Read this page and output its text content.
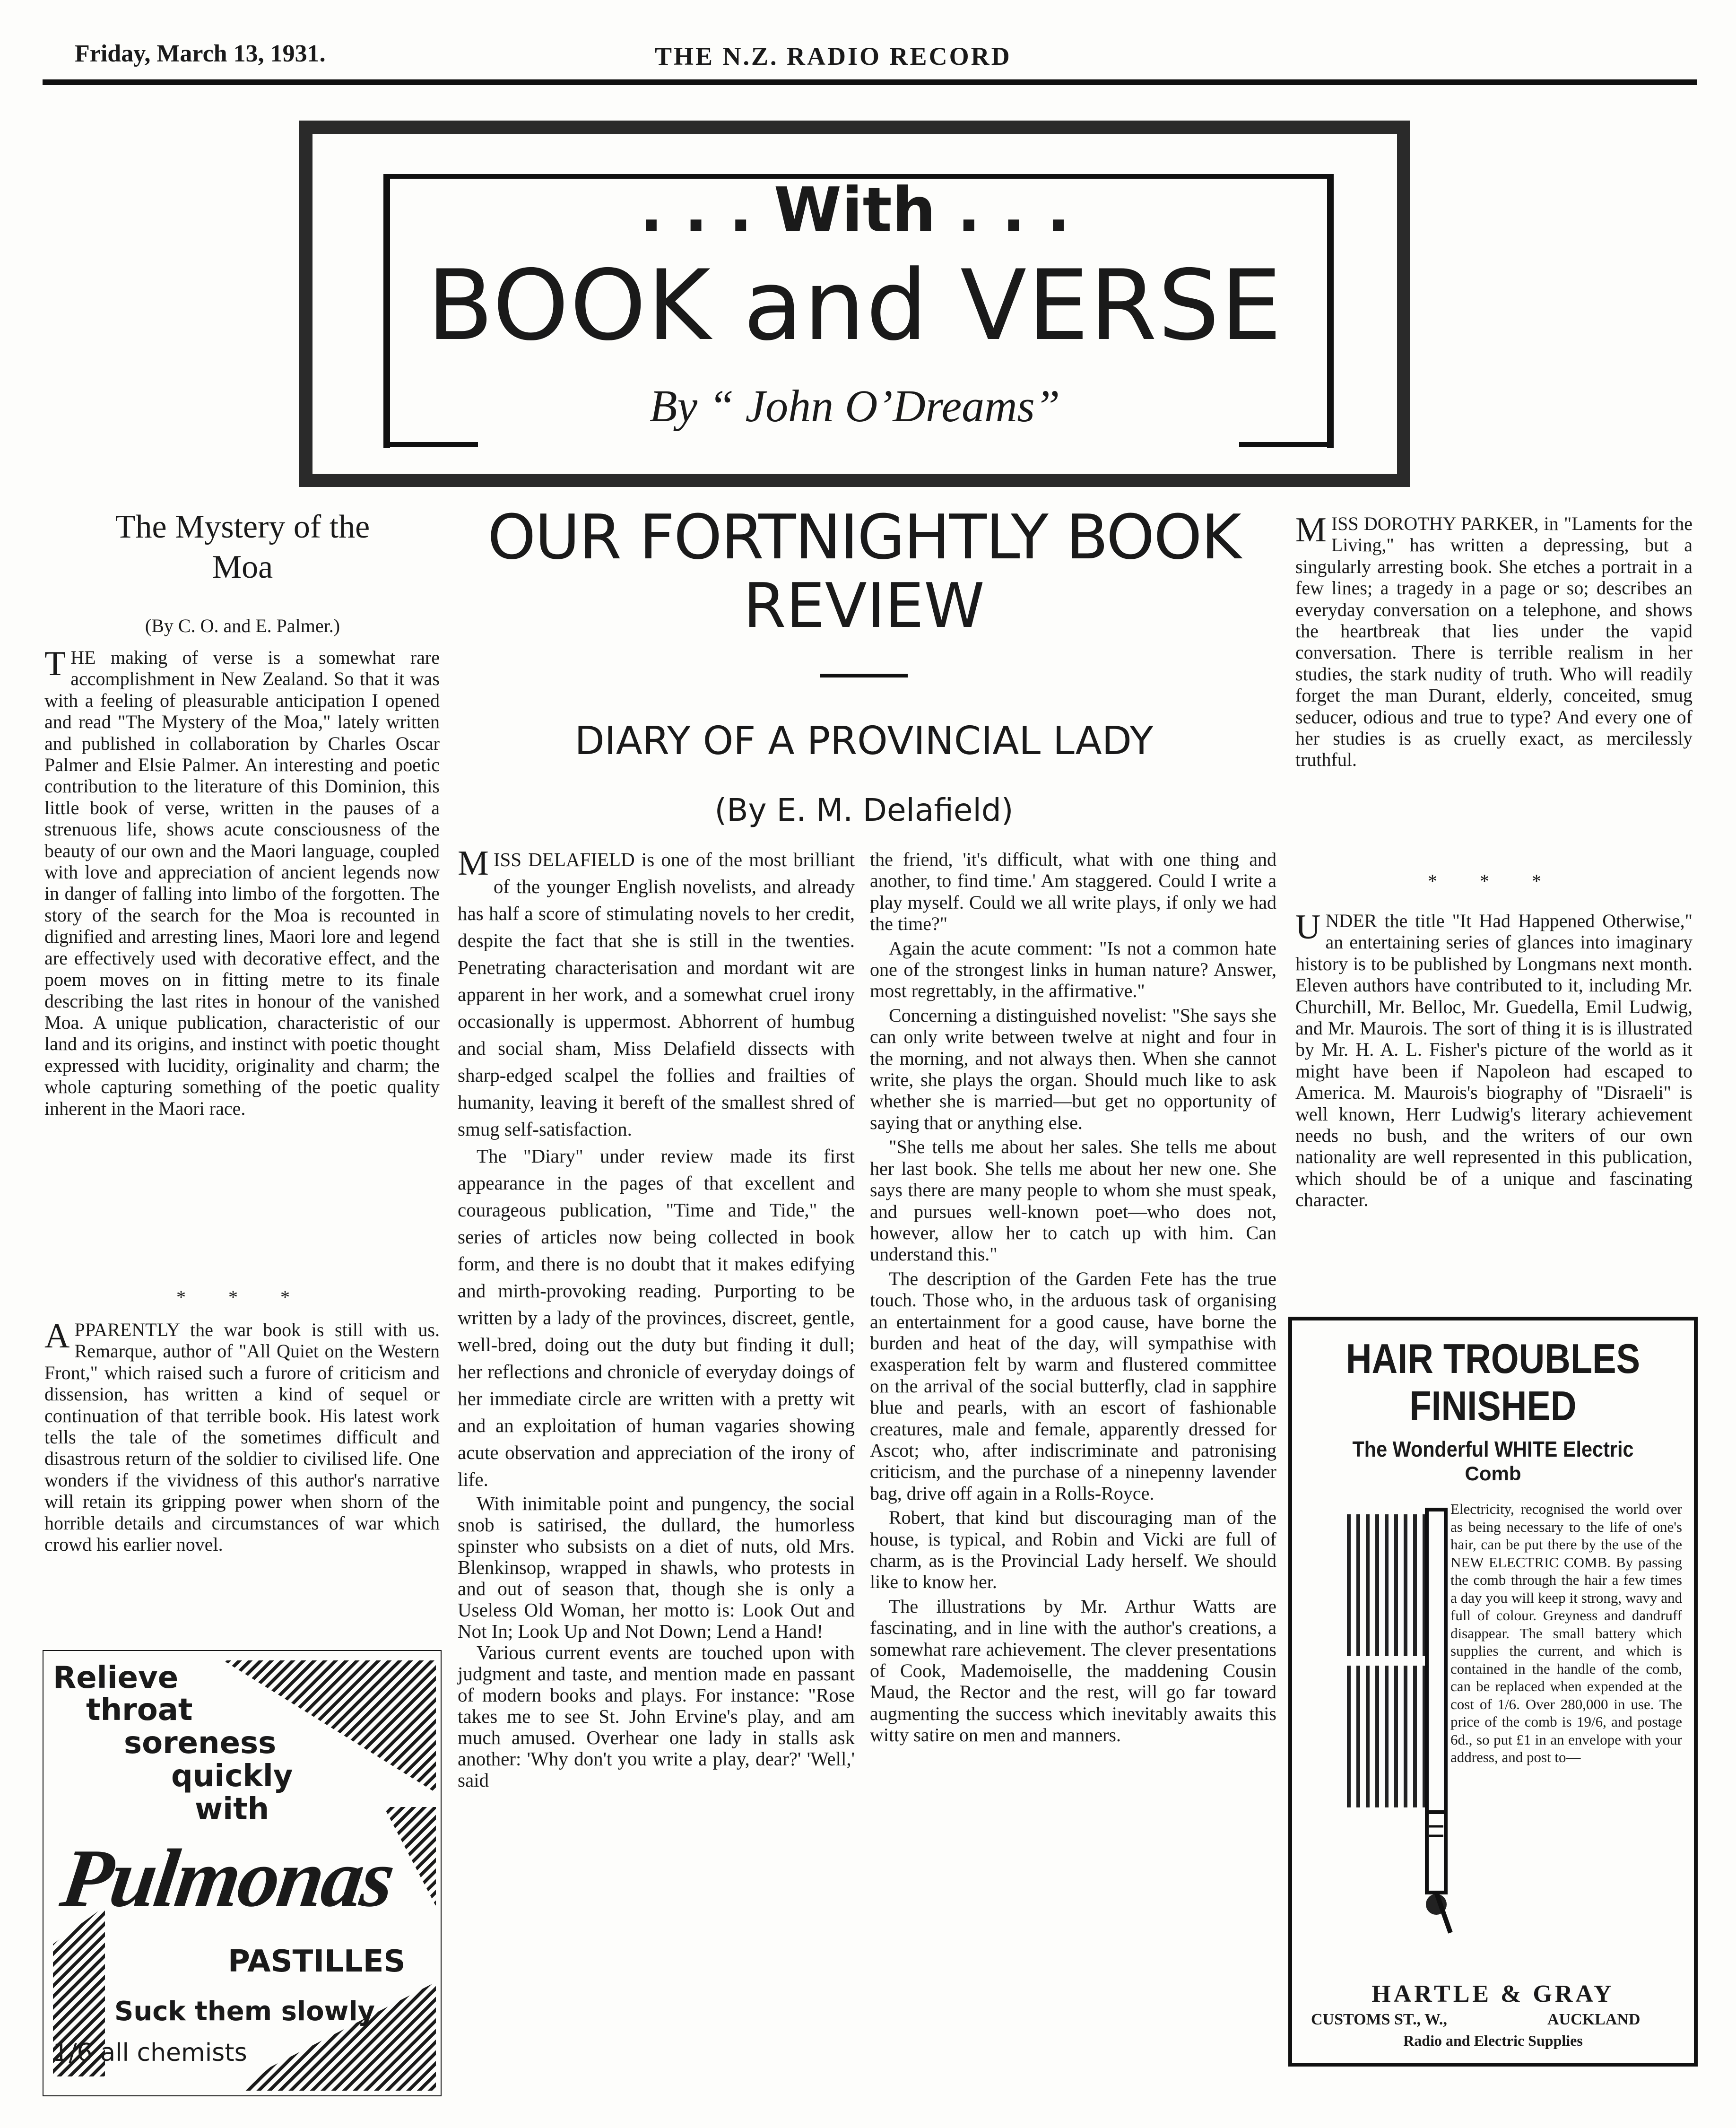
Friday, March 13, 1931.	THE N.Z. RADIO RECORD
. . . With . . .
BOOK and VERSE
By “ John O’Dreams”
The Mystery of the
Moa
(By C. O. and E. Palmer.)

THE making of verse is a somewhat rare accomplishment in New Zealand. So that it was with a feeling of pleasurable anticipation I opened and read "The Mystery of the Moa," lately written and published in collaboration by Charles Oscar Palmer and Elsie Palmer. An interesting and poetic contribution to the literature of this Dominion, this little book of verse, written in the pauses of a strenuous life, shows acute consciousness of the beauty of our own and the Maori language, coupled with love and appreciation of ancient legends now in danger of falling into limbo of the forgotten. The story of the search for the Moa is recounted in dignified and arresting lines, Maori lore and legend are effectively used with decorative effect, and the poem moves on in fitting metre to its finale describing the last rites in honour of the vanished Moa. A unique publication, characteristic of our land and its origins, and instinct with poetic thought expressed with lucidity, originality and charm; the whole capturing something of the poetic quality inherent in the Maori race.

* * *

APPARENTLY the war book is still with us. Remarque, author of "All Quiet on the Western Front," which raised such a furore of criticism and dissension, has written a kind of sequel or continuation of that terrible book. His latest work tells the tale of the sometimes difficult and disastrous return of the soldier to civilised life. One wonders if the vividness of this author's narrative will retain its gripping power when shorn of the horrible details and circumstances of war which crowd his earlier novel.

Relieve
throat
soreness
quickly
with
Pulmonas
PASTILLES
Suck them slowly
1/6 all chemists
OUR FORTNIGHTLY BOOK
REVIEW
DIARY OF A PROVINCIAL LADY
(By E. M. Delafield)

MISS DELAFIELD is one of the most brilliant of the younger English novelists, and already has half a score of stimulating novels to her credit, despite the fact that she is still in the twenties. Penetrating characterisation and mordant wit are apparent in her work, and a somewhat cruel irony occasionally is uppermost. Abhorrent of humbug and social sham, Miss Delafield dissects with sharp-edged scalpel the follies and frailties of humanity, leaving it bereft of the smallest shred of smug self-satisfaction.

The "Diary" under review made its first appearance in the pages of that excellent and courageous publication, "Time and Tide," the series of articles now being collected in book form, and there is no doubt that it makes edifying and mirth-provoking reading. Purporting to be written by a lady of the provinces, discreet, gentle, well-bred, doing out the duty but finding it dull; her reflections and chronicle of everyday doings of her immediate circle are written with a pretty wit and an exploitation of human vagaries showing acute observation and appreciation of the irony of life.

With inimitable point and pungency, the social snob is satirised, the dullard, the humorless spinster who subsists on a diet of nuts, old Mrs. Blenkinsop, wrapped in shawls, who protests in and out of season that, though she is only a Useless Old Woman, her motto is: Look Out and Not In; Look Up and Not Down; Lend a Hand!

Various current events are touched upon with judgment and taste, and mention made en passant of modern books and plays. For instance: "Rose takes me to see St. John Ervine's play, and am much amused. Overhear one lady in stalls ask another: 'Why don't you write a play, dear?' 'Well,' said

the friend, 'it's difficult, what with one thing and another, to find time.' Am staggered. Could I write a play myself. Could we all write plays, if only we had the time?"

Again the acute comment: "Is not a common hate one of the strongest links in human nature? Answer, most regrettably, in the affirmative."

Concerning a distinguished novelist: "She says she can only write between twelve at night and four in the morning, and not always then. When she cannot write, she plays the organ. Should much like to ask whether she is married—but get no opportunity of saying that or anything else.

"She tells me about her sales. She tells me about her last book. She tells me about her new one. She says there are many people to whom she must speak, and pursues well-known poet—who does not, however, allow her to catch up with him. Can understand this."

The description of the Garden Fete has the true touch. Those who, in the arduous task of organising an entertainment for a good cause, have borne the burden and heat of the day, will sympathise with exasperation felt by warm and flustered committee on the arrival of the social butterfly, clad in sapphire blue and pearls, with an escort of fashionable creatures, male and female, apparently dressed for Ascot; who, after indiscriminate and patronising criticism, and the purchase of a ninepenny lavender bag, drive off again in a Rolls-Royce.

Robert, that kind but discouraging man of the house, is typical, and Robin and Vicki are full of charm, as is the Provincial Lady herself. We should like to know her.

The illustrations by Mr. Arthur Watts are fascinating, and in line with the author's creations, a somewhat rare achievement. The clever presentations of Cook, Mademoiselle, the maddening Cousin Maud, the Rector and the rest, will go far toward augmenting the success which inevitably awaits this witty satire on men and manners.

MISS DOROTHY PARKER, in "Laments for the Living," has written a depressing, but a singularly arresting book. She etches a portrait in a few lines; a tragedy in a page or so; describes an everyday conversation on a telephone, and shows the heartbreak that lies under the vapid conversation. There is terrible realism in her studies, the stark nudity of truth. Who will readily forget the man Durant, elderly, conceited, smug seducer, odious and true to type? And every one of her studies is as cruelly exact, as mercilessly truthful.

* * *

UNDER the title "It Had Happened Otherwise," an entertaining series of glances into imaginary history is to be published by Longmans next month. Eleven authors have contributed to it, including Mr. Churchill, Mr. Belloc, Mr. Guedella, Emil Ludwig, and Mr. Maurois. The sort of thing it is is illustrated by Mr. H. A. L. Fisher's picture of the world as it might have been if Napoleon had escaped to America. M. Maurois's biography of "Disraeli" is well known, Herr Ludwig's literary achievement needs no bush, and the writers of our own nationality are well represented in this publication, which should be of a unique and fascinating character.

HAIR TROUBLES
FINISHED
The Wonderful WHITE Electric
Comb
Electricity, recognised the world over as being necessary to the life of one's hair, can be put there by the use of the NEW ELECTRIC COMB. By passing the comb through the hair a few times a day you will keep it strong, wavy and full of colour. Greyness and dandruff disappear. The small battery which supplies the current, and which is contained in the handle of the comb, can be replaced when expended at the cost of 1/6. Over 280,000 in use. The price of the comb is 19/6, and postage 6d., so put £1 in an envelope with your address, and post to—
HARTLE & GRAY
CUSTOMS ST., W.,	AUCKLAND
Radio and Electric Supplies
